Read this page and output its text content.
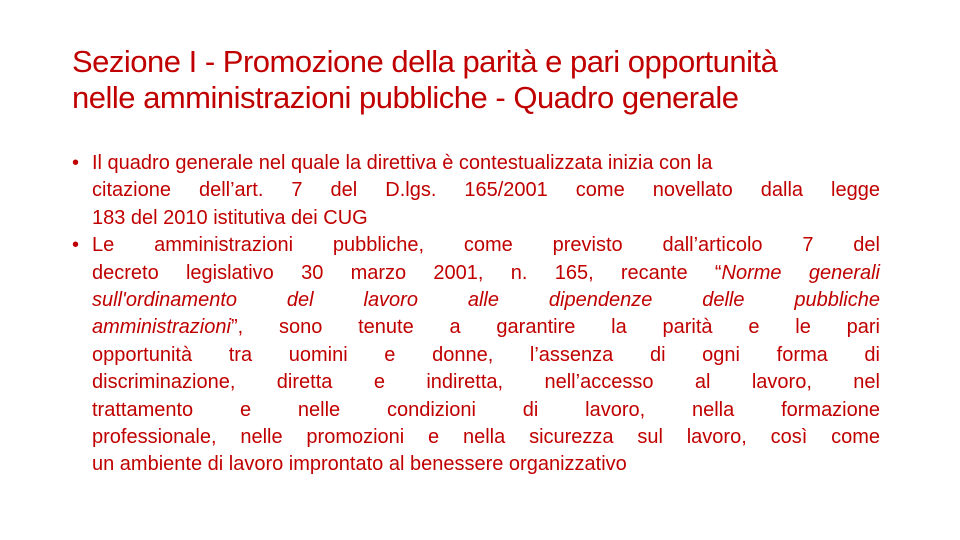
Sezione I - Promozione della parità e pari opportunità
nelle amministrazioni pubbliche - Quadro generale
• Il quadro generale nel quale la direttiva è contestualizzata inizia con la
citazione dell’art. 7 del D.lgs. 165/2001 come novellato dalla legge
183 del 2010 istitutiva dei CUG
• Le amministrazioni pubbliche, come previsto dall’articolo 7 del
decreto legislativo 30 marzo 2001, n. 165, recante “Norme generali
sull'ordinamento del lavoro alle dipendenze delle pubbliche
amministrazioni”, sono tenute a garantire la parità e le pari
opportunità tra uomini e donne, l’assenza di ogni forma di
discriminazione, diretta e indiretta, nell’accesso al lavoro, nel
trattamento e nelle condizioni di lavoro, nella formazione
professionale, nelle promozioni e nella sicurezza sul lavoro, così come
un ambiente di lavoro improntato al benessere organizzativo
